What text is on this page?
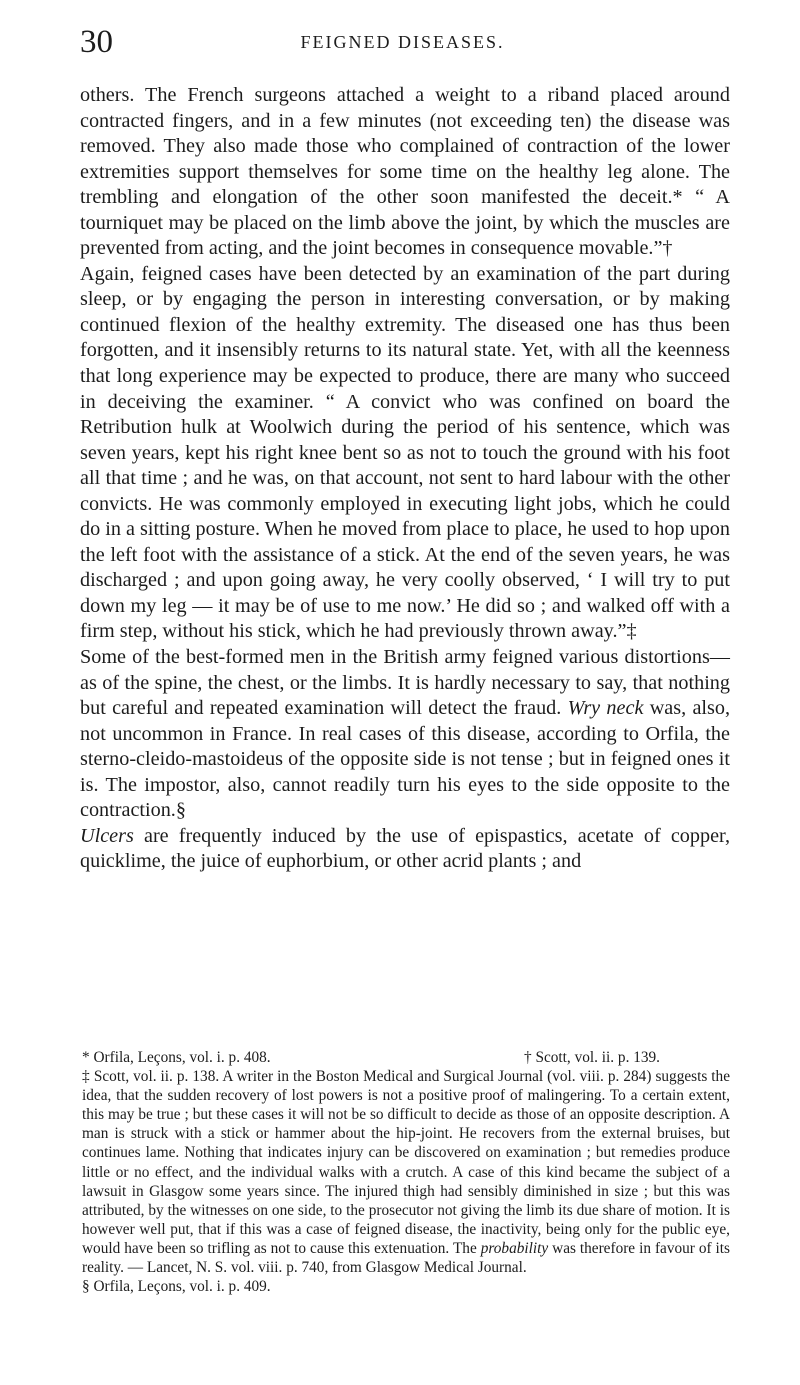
30	FEIGNED DISEASES.

others. The French surgeons attached a weight to a riband placed around contracted fingers, and in a few minutes (not exceeding ten) the disease was removed. They also made those who complained of contraction of the lower extremities support themselves for some time on the healthy leg alone. The trembling and elongation of the other soon manifested the deceit.* “ A tourniquet may be placed on the limb above the joint, by which the muscles are prevented from acting, and the joint becomes in consequence movable.”†

Again, feigned cases have been detected by an examination of the part during sleep, or by engaging the person in interesting conversation, or by making continued flexion of the healthy extremity. The diseased one has thus been forgotten, and it insensibly returns to its natural state. Yet, with all the keenness that long experience may be expected to produce, there are many who succeed in deceiving the examiner. “ A convict who was confined on board the Retribution hulk at Woolwich during the period of his sentence, which was seven years, kept his right knee bent so as not to touch the ground with his foot all that time ; and he was, on that account, not sent to hard labour with the other convicts. He was commonly employed in executing light jobs, which he could do in a sitting posture. When he moved from place to place, he used to hop upon the left foot with the assistance of a stick. At the end of the seven years, he was discharged ; and upon going away, he very coolly observed, ‘ I will try to put down my leg — it may be of use to me now.’ He did so ; and walked off with a firm step, without his stick, which he had previously thrown away.”‡

Some of the best-formed men in the British army feigned various distortions—as of the spine, the chest, or the limbs. It is hardly necessary to say, that nothing but careful and repeated examination will detect the fraud. Wry neck was, also, not uncommon in France. In real cases of this disease, according to Orfila, the sterno-cleido-mastoideus of the opposite side is not tense ; but in feigned ones it is. The impostor, also, cannot readily turn his eyes to the side opposite to the contraction.§

Ulcers are frequently induced by the use of epispastics, acetate of copper, quicklime, the juice of euphorbium, or other acrid plants ; and

* Orfila, Leçons, vol. i. p. 408.	† Scott, vol. ii. p. 139.

‡ Scott, vol. ii. p. 138. A writer in the Boston Medical and Surgical Journal (vol. viii. p. 284) suggests the idea, that the sudden recovery of lost powers is not a positive proof of malingering. To a certain extent, this may be true ; but these cases it will not be so difficult to decide as those of an opposite description. A man is struck with a stick or hammer about the hip-joint. He recovers from the external bruises, but continues lame. Nothing that indicates injury can be discovered on examination ; but remedies produce little or no effect, and the individual walks with a crutch. A case of this kind became the subject of a lawsuit in Glasgow some years since. The injured thigh had sensibly diminished in size ; but this was attributed, by the witnesses on one side, to the prosecutor not giving the limb its due share of motion. It is however well put, that if this was a case of feigned disease, the inactivity, being only for the public eye, would have been so trifling as not to cause this extenuation. The probability was therefore in favour of its reality. — Lancet, N. S. vol. viii. p. 740, from Glasgow Medical Journal.

§ Orfila, Leçons, vol. i. p. 409.
